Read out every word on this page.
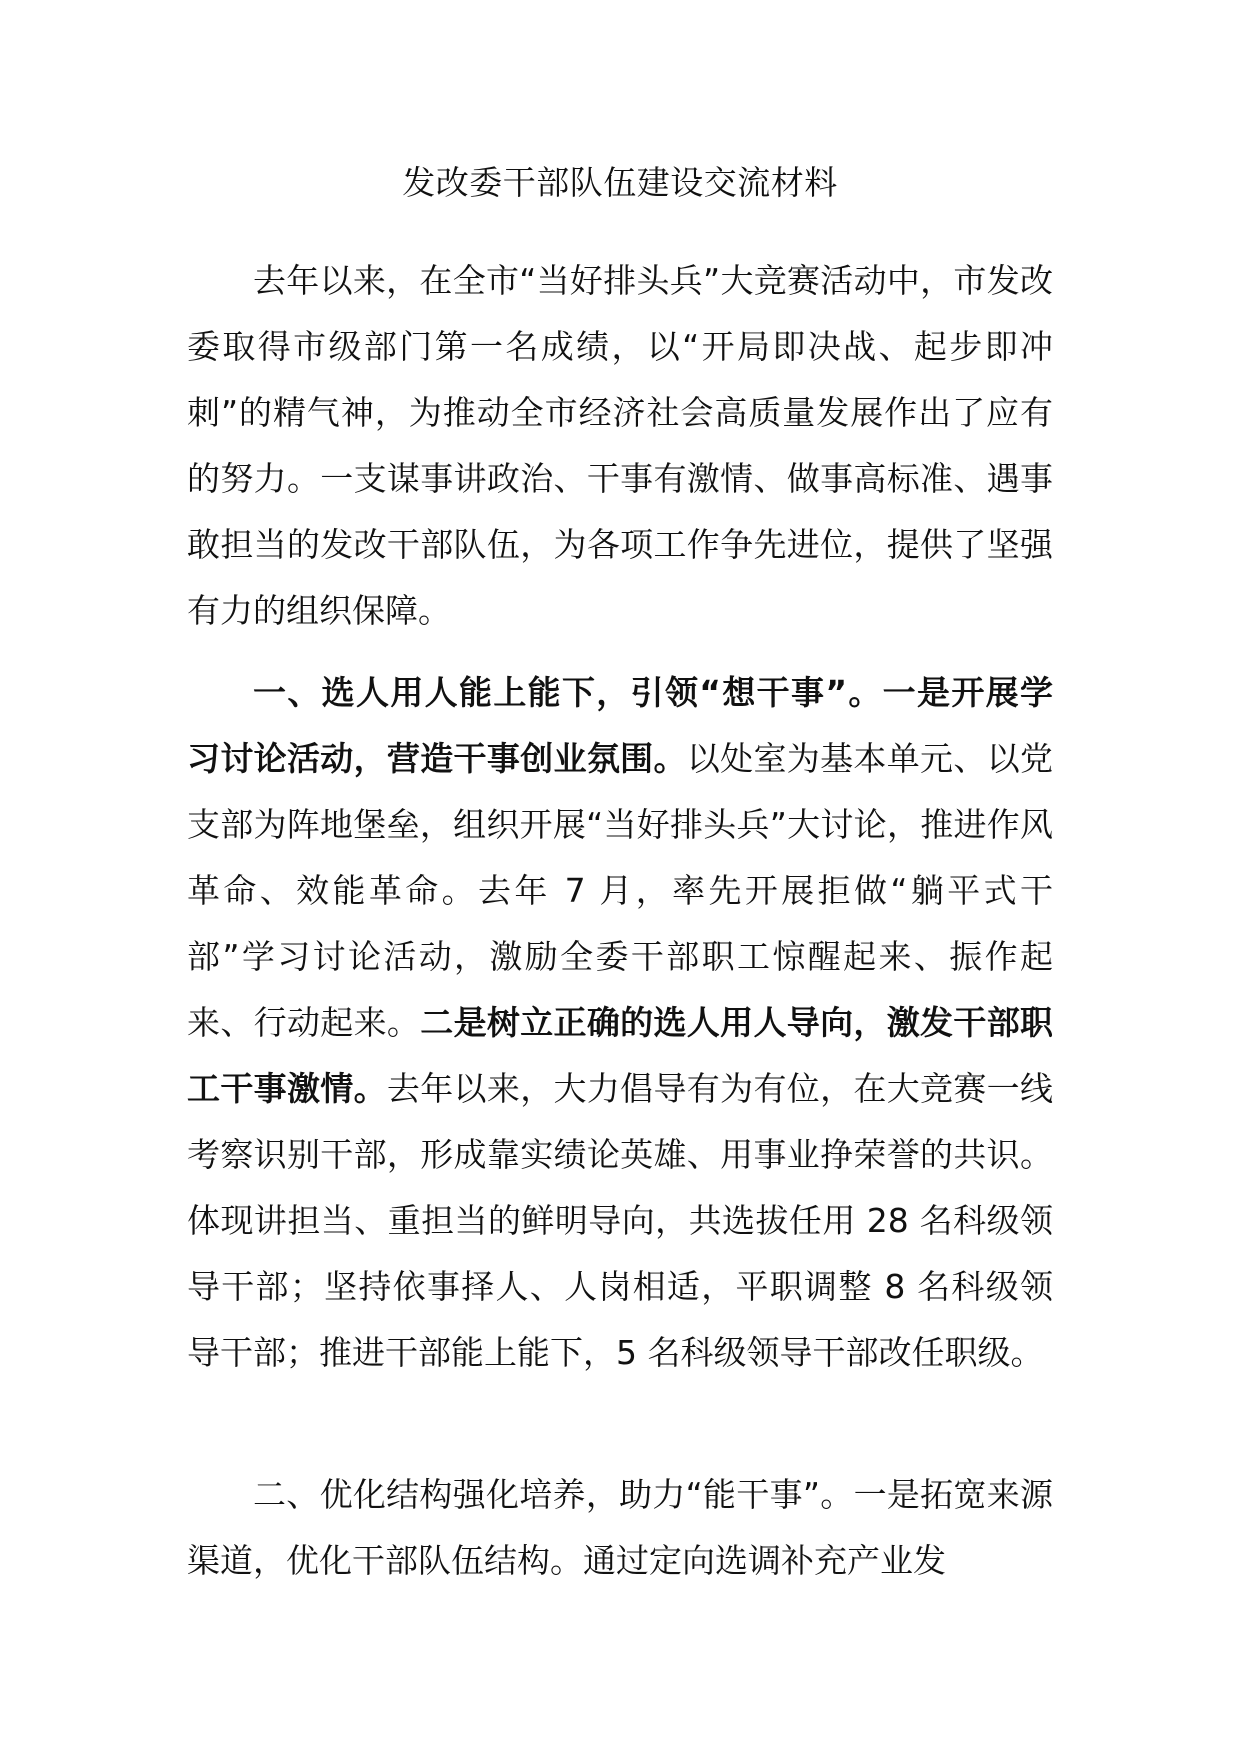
发改委干部队伍建设交流材料

去年以来，在全市“当好排头兵”大竞赛活动中，市发改委取得市级部门第一名成绩，以“开局即决战、起步即冲刺”的精气神，为推动全市经济社会高质量发展作出了应有的努力。一支谋事讲政治、干事有激情、做事高标准、遇事敢担当的发改干部队伍，为各项工作争先进位，提供了坚强有力的组织保障。

一、选人用人能上能下，引领“想干事”。一是开展学习讨论活动，营造干事创业氛围。以处室为基本单元、以党支部为阵地堡垒，组织开展“当好排头兵”大讨论，推进作风革命、效能革命。去年 7 月，率先开展拒做“躺平式干部”学习讨论活动，激励全委干部职工惊醒起来、振作起来、行动起来。二是树立正确的选人用人导向，激发干部职工干事激情。去年以来，大力倡导有为有位，在大竞赛一线考察识别干部，形成靠实绩论英雄、用事业挣荣誉的共识。体现讲担当、重担当的鲜明导向，共选拔任用 28 名科级领导干部；坚持依事择人、人岗相适，平职调整 8 名科级领导干部；推进干部能上能下，5 名科级领导干部改任职级。

二、优化结构强化培养，助力“能干事”。一是拓宽来源渠道，优化干部队伍结构。通过定向选调补充产业发
